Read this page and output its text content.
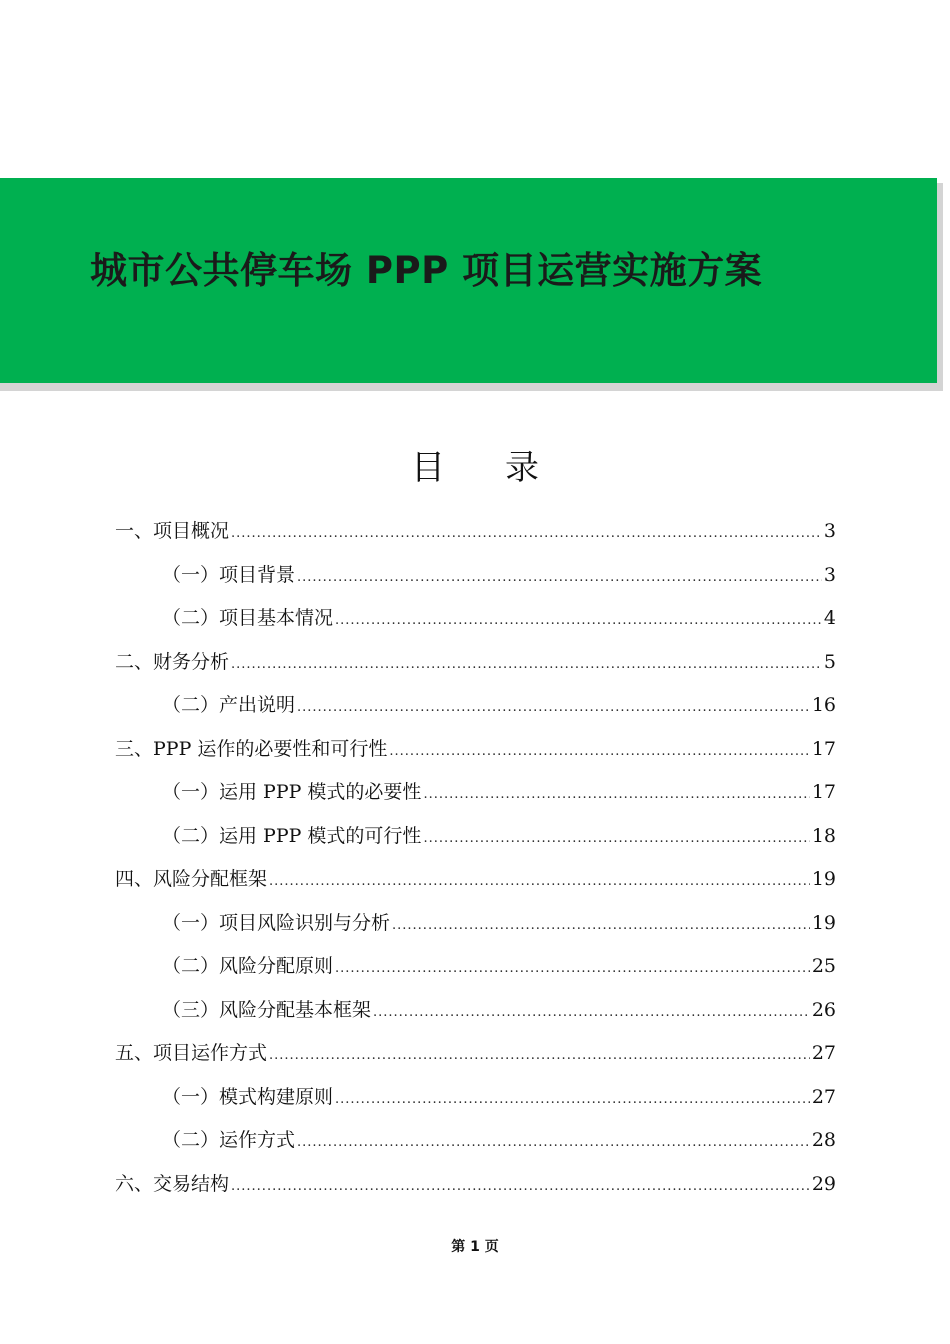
城市公共停车场 PPP 项目运营实施方案
目 录
一、项目概况 .....	3
（一）项目背景 .....	3
（二）项目基本情况 .....	4
二、财务分析 .....	5
（二）产出说明 .....	16
三、PPP 运作的必要性和可行性 .....	17
（一）运用 PPP 模式的必要性 .....	17
（二）运用 PPP 模式的可行性 .....	18
四、风险分配框架 .....	19
（一）项目风险识别与分析 .....	19
（二）风险分配原则 .....	25
（三）风险分配基本框架 .....	26
五、项目运作方式 .....	27
（一）模式构建原则 .....	27
（二）运作方式 .....	28
六、交易结构 .....	29
第 1 页
